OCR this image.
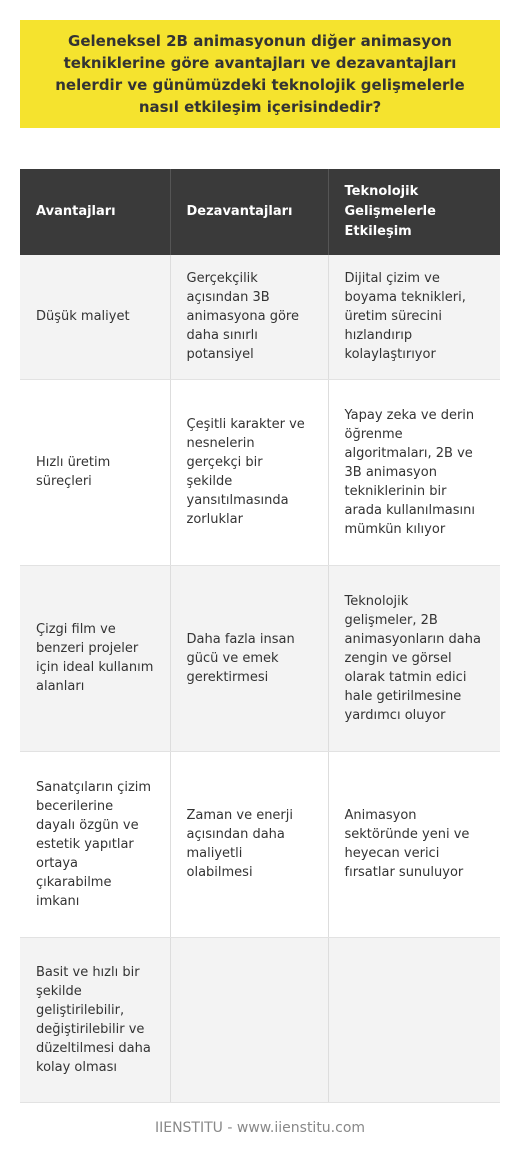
Geleneksel 2B animasyonun diğer animasyon tekniklerine göre avantajları ve dezavantajları nelerdir ve günümüzdeki teknolojik gelişmelerle nasıl etkileşim içerisindedir?
Avantajları	Dezavantajları	Teknolojik Gelişmelerle Etkileşim
Düşük maliyet	Gerçekçilik açısından 3B animasyona göre daha sınırlı potansiyel	Dijital çizim ve boyama teknikleri, üretim sürecini hızlandırıp kolaylaştırıyor
Hızlı üretim süreçleri	Çeşitli karakter ve nesnelerin gerçekçi bir şekilde yansıtılmasında zorluklar	Yapay zeka ve derin öğrenme algoritmaları, 2B ve 3B animasyon tekniklerinin bir arada kullanılmasını mümkün kılıyor
Çizgi film ve benzeri projeler için ideal kullanım alanları	Daha fazla insan gücü ve emek gerektirmesi	Teknolojik gelişmeler, 2B animasyonların daha zengin ve görsel olarak tatmin edici hale getirilmesine yardımcı oluyor
Sanatçıların çizim becerilerine dayalı özgün ve estetik yapıtlar ortaya çıkarabilme imkanı	Zaman ve enerji açısından daha maliyetli olabilmesi	Animasyon sektöründe yeni ve heyecan verici fırsatlar sunuluyor
Basit ve hızlı bir şekilde geliştirilebilir, değiştirilebilir ve düzeltilmesi daha kolay olması		
IIENSTITU - www.iienstitu.com
